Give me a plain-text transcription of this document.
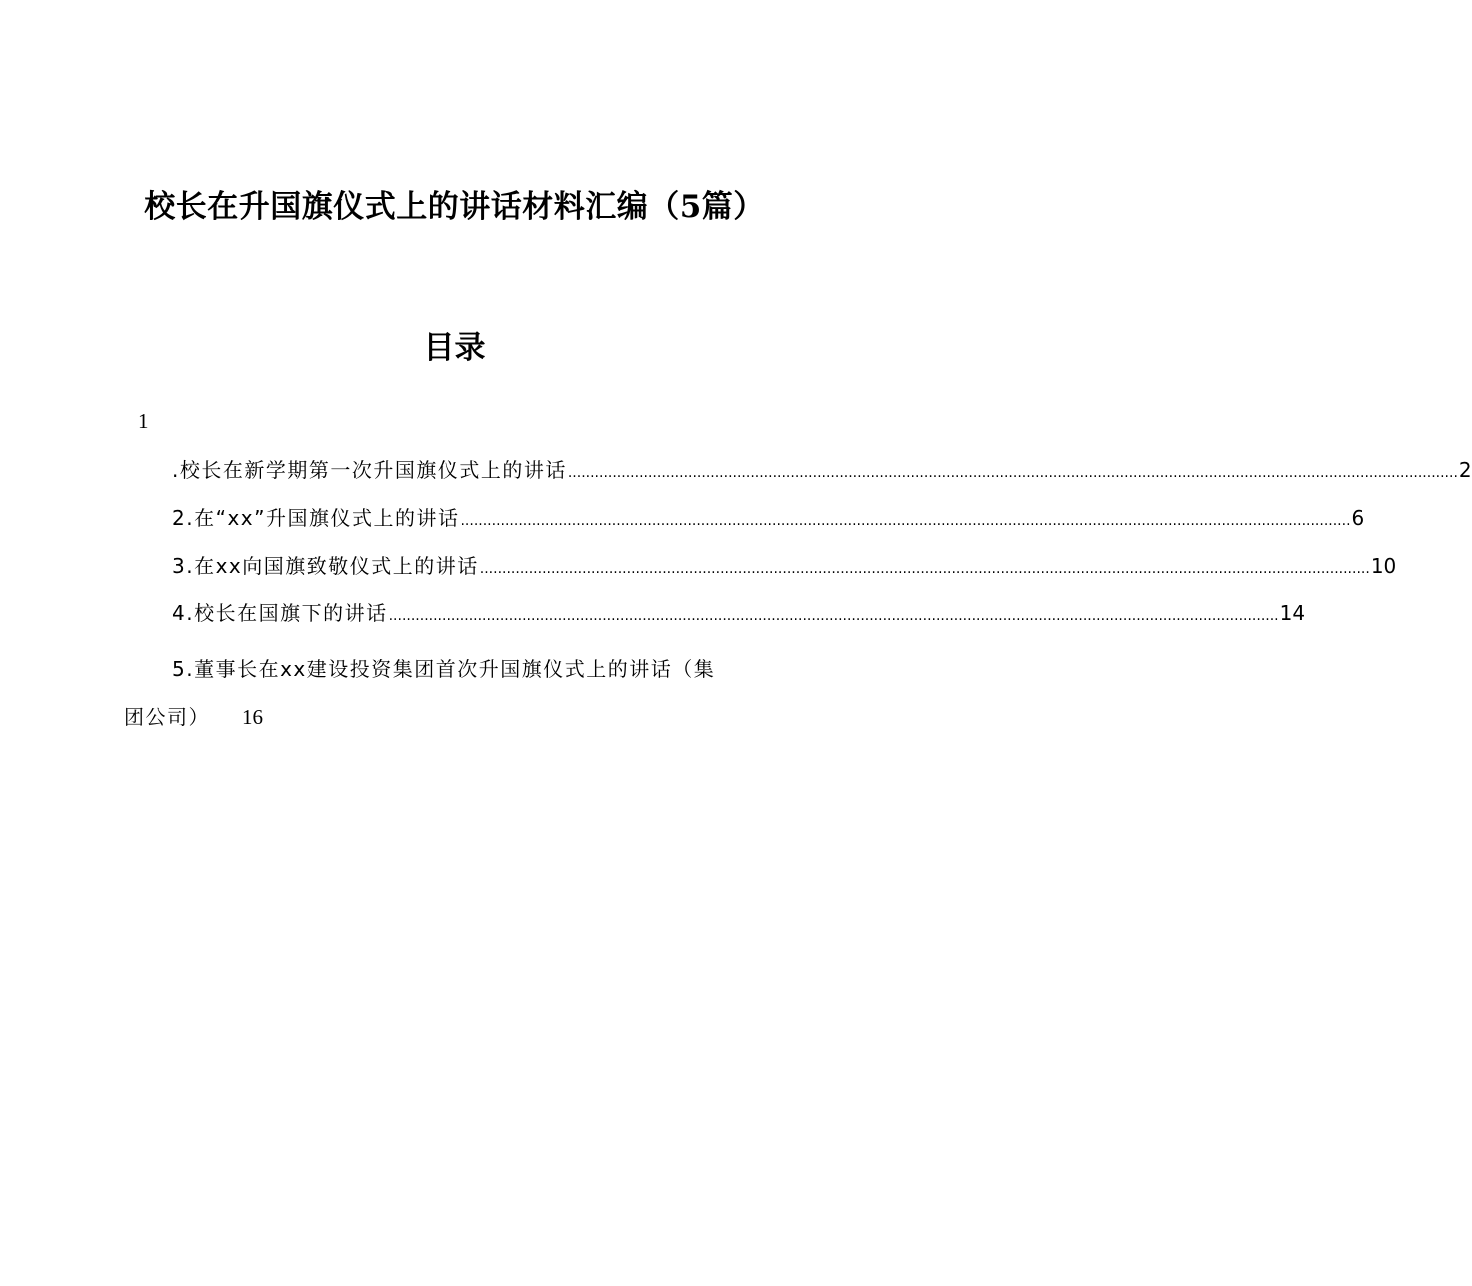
校长在升国旗仪式上的讲话材料汇编（5篇）
目录
1
.校长在新学期第一次升国旗仪式上的讲话 ........................................................................................................................................................................................................ 2
2.在“xx”升国旗仪式上的讲话 ........................................................................................................................................................................................................ 6
3.在xx向国旗致敬仪式上的讲话 ........................................................................................................................................................................................................ 10
4.校长在国旗下的讲话 ........................................................................................................................................................................................................ 14
5.董事长在xx建设投资集团首次升国旗仪式上的讲话（集
团公司） 16
